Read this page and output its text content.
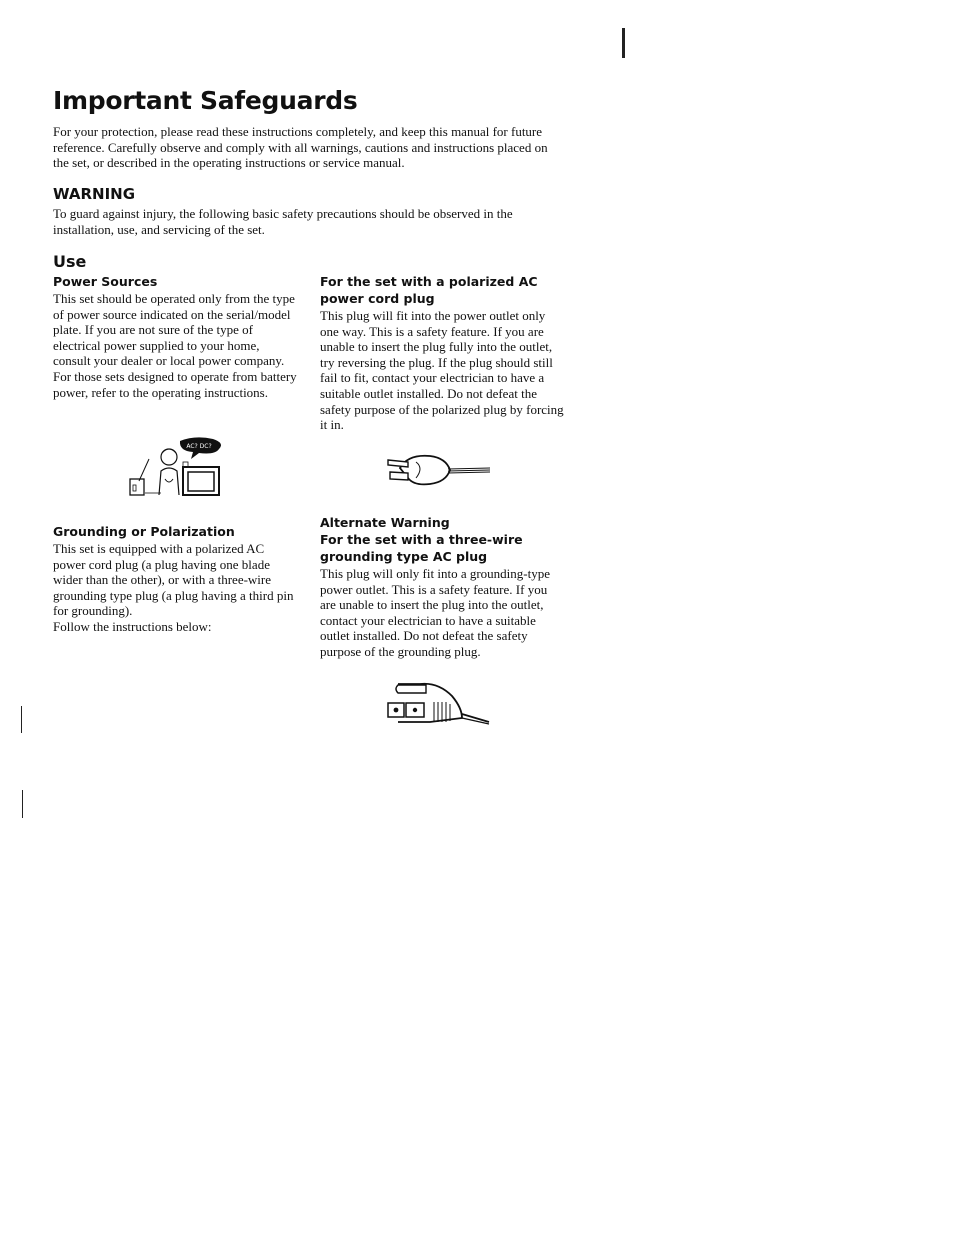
Important Safeguards

For your protection, please read these instructions completely, and keep this manual for future reference. Carefully observe and comply with all warnings, cautions and instructions placed on the set, or described in the operating instructions or service manual.

WARNING

To guard against injury, the following basic safety precautions should be observed in the installation, use, and servicing of the set.

Use
Power Sources

This set should be operated only from the type of power source indicated on the serial/model plate. If you are not sure of the type of electrical power supplied to your home, consult your dealer or local power company. For those sets designed to operate from battery power, refer to the operating instructions.

For the set with a polarized AC power cord plug

This plug will fit into the power outlet only one way. This is a safety feature. If you are unable to insert the plug fully into the outlet, try reversing the plug. If the plug should still fail to fit, contact your electrician to have a suitable outlet installed. Do not defeat the safety purpose of the polarized plug by forcing it in.

AC? DC?
Grounding or Polarization

This set is equipped with a polarized AC power cord plug (a plug having one blade wider than the other), or with a three-wire grounding type plug (a plug having a third pin for grounding).

Follow the instructions below:

Alternate Warning
For the set with a three-wire grounding type AC plug

This plug will only fit into a grounding-type power outlet. This is a safety feature. If you are unable to insert the plug into the outlet, contact your electrician to have a suitable outlet installed. Do not defeat the safety purpose of the grounding plug.
